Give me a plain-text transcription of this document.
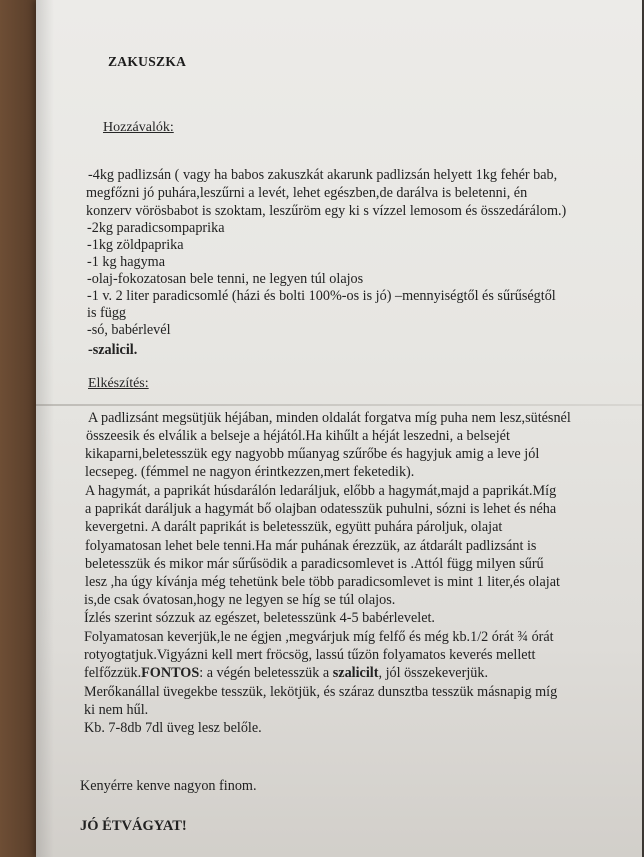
ZAKUSZKA
Hozzávalók:
-4kg padlizsán ( vagy ha babos zakuszkát akarunk padlizsán helyett 1kg fehér bab,
megfőzni jó puhára,leszűrni a levét, lehet egészben,de darálva is beletenni, én
konzerv vörösbabot is szoktam, leszűröm egy ki s vízzel lemosom és összedárálom.)
-2kg paradicsompaprika
-1kg zöldpaprika
-1 kg hagyma
-olaj-fokozatosan bele tenni, ne legyen túl olajos
-1 v. 2 liter paradicsomlé (házi és bolti 100%-os is jó) –mennyiségtől és sűrűségtől
is függ
-só, babérlevél
-szalicil.
Elkészítés:
A padlizsánt megsütjük héjában, minden oldalát forgatva míg puha nem lesz,sütésnél
összeesik és elválik a belseje a héjától.Ha kihűlt a héját leszedni, a belsejét
kikaparni,beletesszük egy nagyobb műanyag szűrőbe és hagyjuk amig a leve jól
lecsepeg. (fémmel ne nagyon érintkezzen,mert feketedik).
A hagymát, a paprikát húsdarálón ledaráljuk, előbb a hagymát,majd a paprikát.Míg
a paprikát daráljuk a hagymát bő olajban odatesszük puhulni, sózni is lehet és néha
kevergetni. A darált paprikát is beletesszük, együtt puhára pároljuk, olajat
folyamatosan lehet bele tenni.Ha már puhának érezzük, az átdarált padlizsánt is
beletesszük és mikor már sűrűsödik a paradicsomlevet is .Attól függ milyen sűrű
lesz ,ha úgy kívánja még tehetünk bele több paradicsomlevet is mint 1 liter,és olajat
is,de csak óvatosan,hogy ne legyen se híg se túl olajos.
Ízlés szerint sózzuk az egészet, beletesszünk 4-5 babérlevelet.
Folyamatosan keverjük,le ne égjen ,megvárjuk míg felfő és még kb.1/2 órát ¾ órát
rotyogtatjuk.Vigyázni kell mert fröcsög, lassú tűzön folyamatos keverés mellett
felfőzzük.FONTOS: a végén beletesszük a szalicilt, jól összekeverjük.
Merőkanállal üvegekbe tesszük, lekötjük, és száraz dunsztba tesszük másnapig míg
ki nem hűl.
Kb. 7-8db 7dl üveg lesz belőle.
Kenyérre kenve nagyon finom.
JÓ ÉTVÁGYAT!
